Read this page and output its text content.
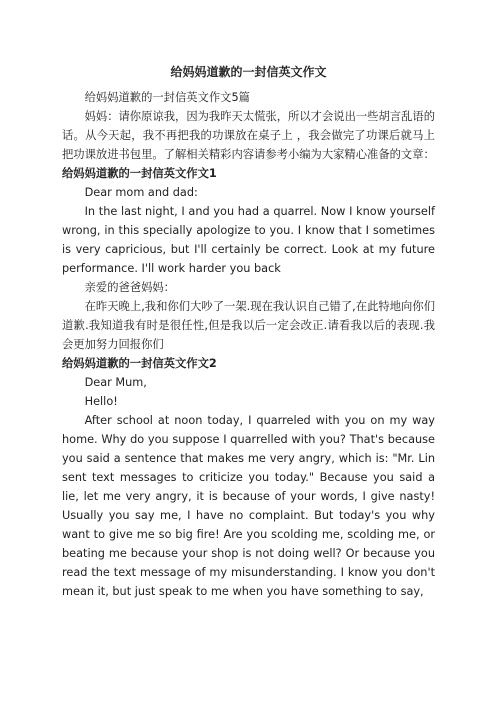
给妈妈道歉的一封信英文作文

给妈妈道歉的一封信英文作文5篇

妈妈：请你原谅我，因为我昨天太慌张，所以才会说出一些胡言乱语的话。从今天起，我不再把我的功课放在桌子上 ，我会做完了功课后就马上把功课放进书包里。了解相关精彩内容请参考小编为大家精心准备的文章：

给妈妈道歉的一封信英文作文1

Dear mom and dad:

In the last night, I and you had a quarrel. Now I know yourself wrong, in this specially apologize to you. I know that I sometimes is very capricious, but I'll certainly be correct. Look at my future performance. I'll work harder you back

亲爱的爸爸妈妈：

在昨天晚上,我和你们大吵了一架.现在我认识自己错了,在此特地向你们道歉.我知道我有时是很任性,但是我以后一定会改正.请看我以后的表现.我会更加努力回报你们

给妈妈道歉的一封信英文作文2

Dear Mum,

Hello!

After school at noon today, I quarreled with you on my way home. Why do you suppose I quarrelled with you? That's because you said a sentence that makes me very angry, which is: "Mr. Lin sent text messages to criticize you today." Because you said a lie, let me very angry, it is because of your words, I give nasty! Usually you say me, I have no complaint. But today's you why want to give me so big fire! Are you scolding me, scolding me, or beating me because your shop is not doing well? Or because you read the text message of my misunderstanding. I know you don't mean it, but just speak to me when you have something to say,
